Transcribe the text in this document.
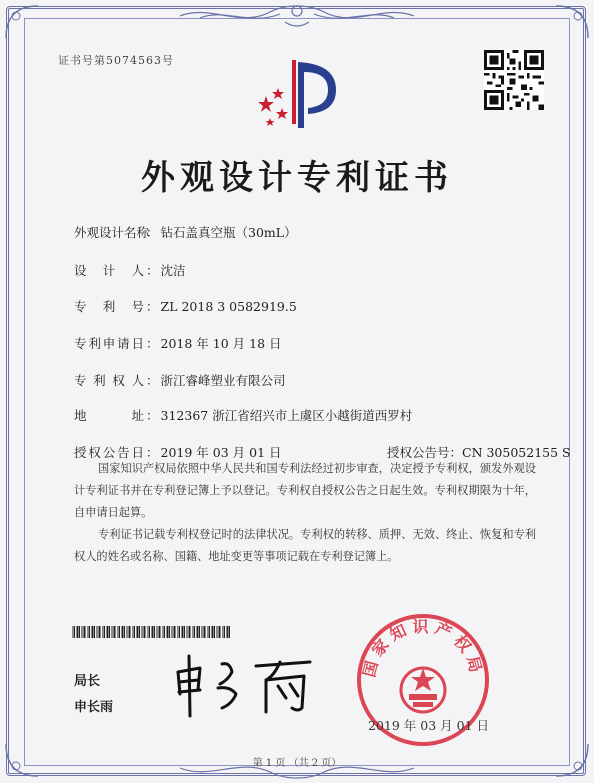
证书号第5074563号
外观设计专利证书
外观设计名称： 钻石盖真空瓶（30mL）
设计人 ： 沈洁
专利号 ： ZL 2018 3 0582919.5
专利申请日 ： 2018 年 10 月 18 日
专利权人 ： 浙江睿峰塑业有限公司
地址 ： 312367 浙江省绍兴市上虞区小越街道西罗村
授权公告日 ： 2019 年 03 月 01 日	授权公告号：CN 305052155 S
国家知识产权局依照中华人民共和国专利法经过初步审查，决定授予专利权，颁发外观设计专利证书并在专利登记簿上予以登记。专利权自授权公告之日起生效。专利权期限为十年，自申请日起算。
专利证书记载专利权登记时的法律状况。专利权的转移、质押、无效、终止、恢复和专利权人的姓名或名称、国籍、地址变更等事项记载在专利登记簿上。
局长
申长雨
国家知识产权局
2019 年 03 月 01 日
第 1 页 （共 2 页）
